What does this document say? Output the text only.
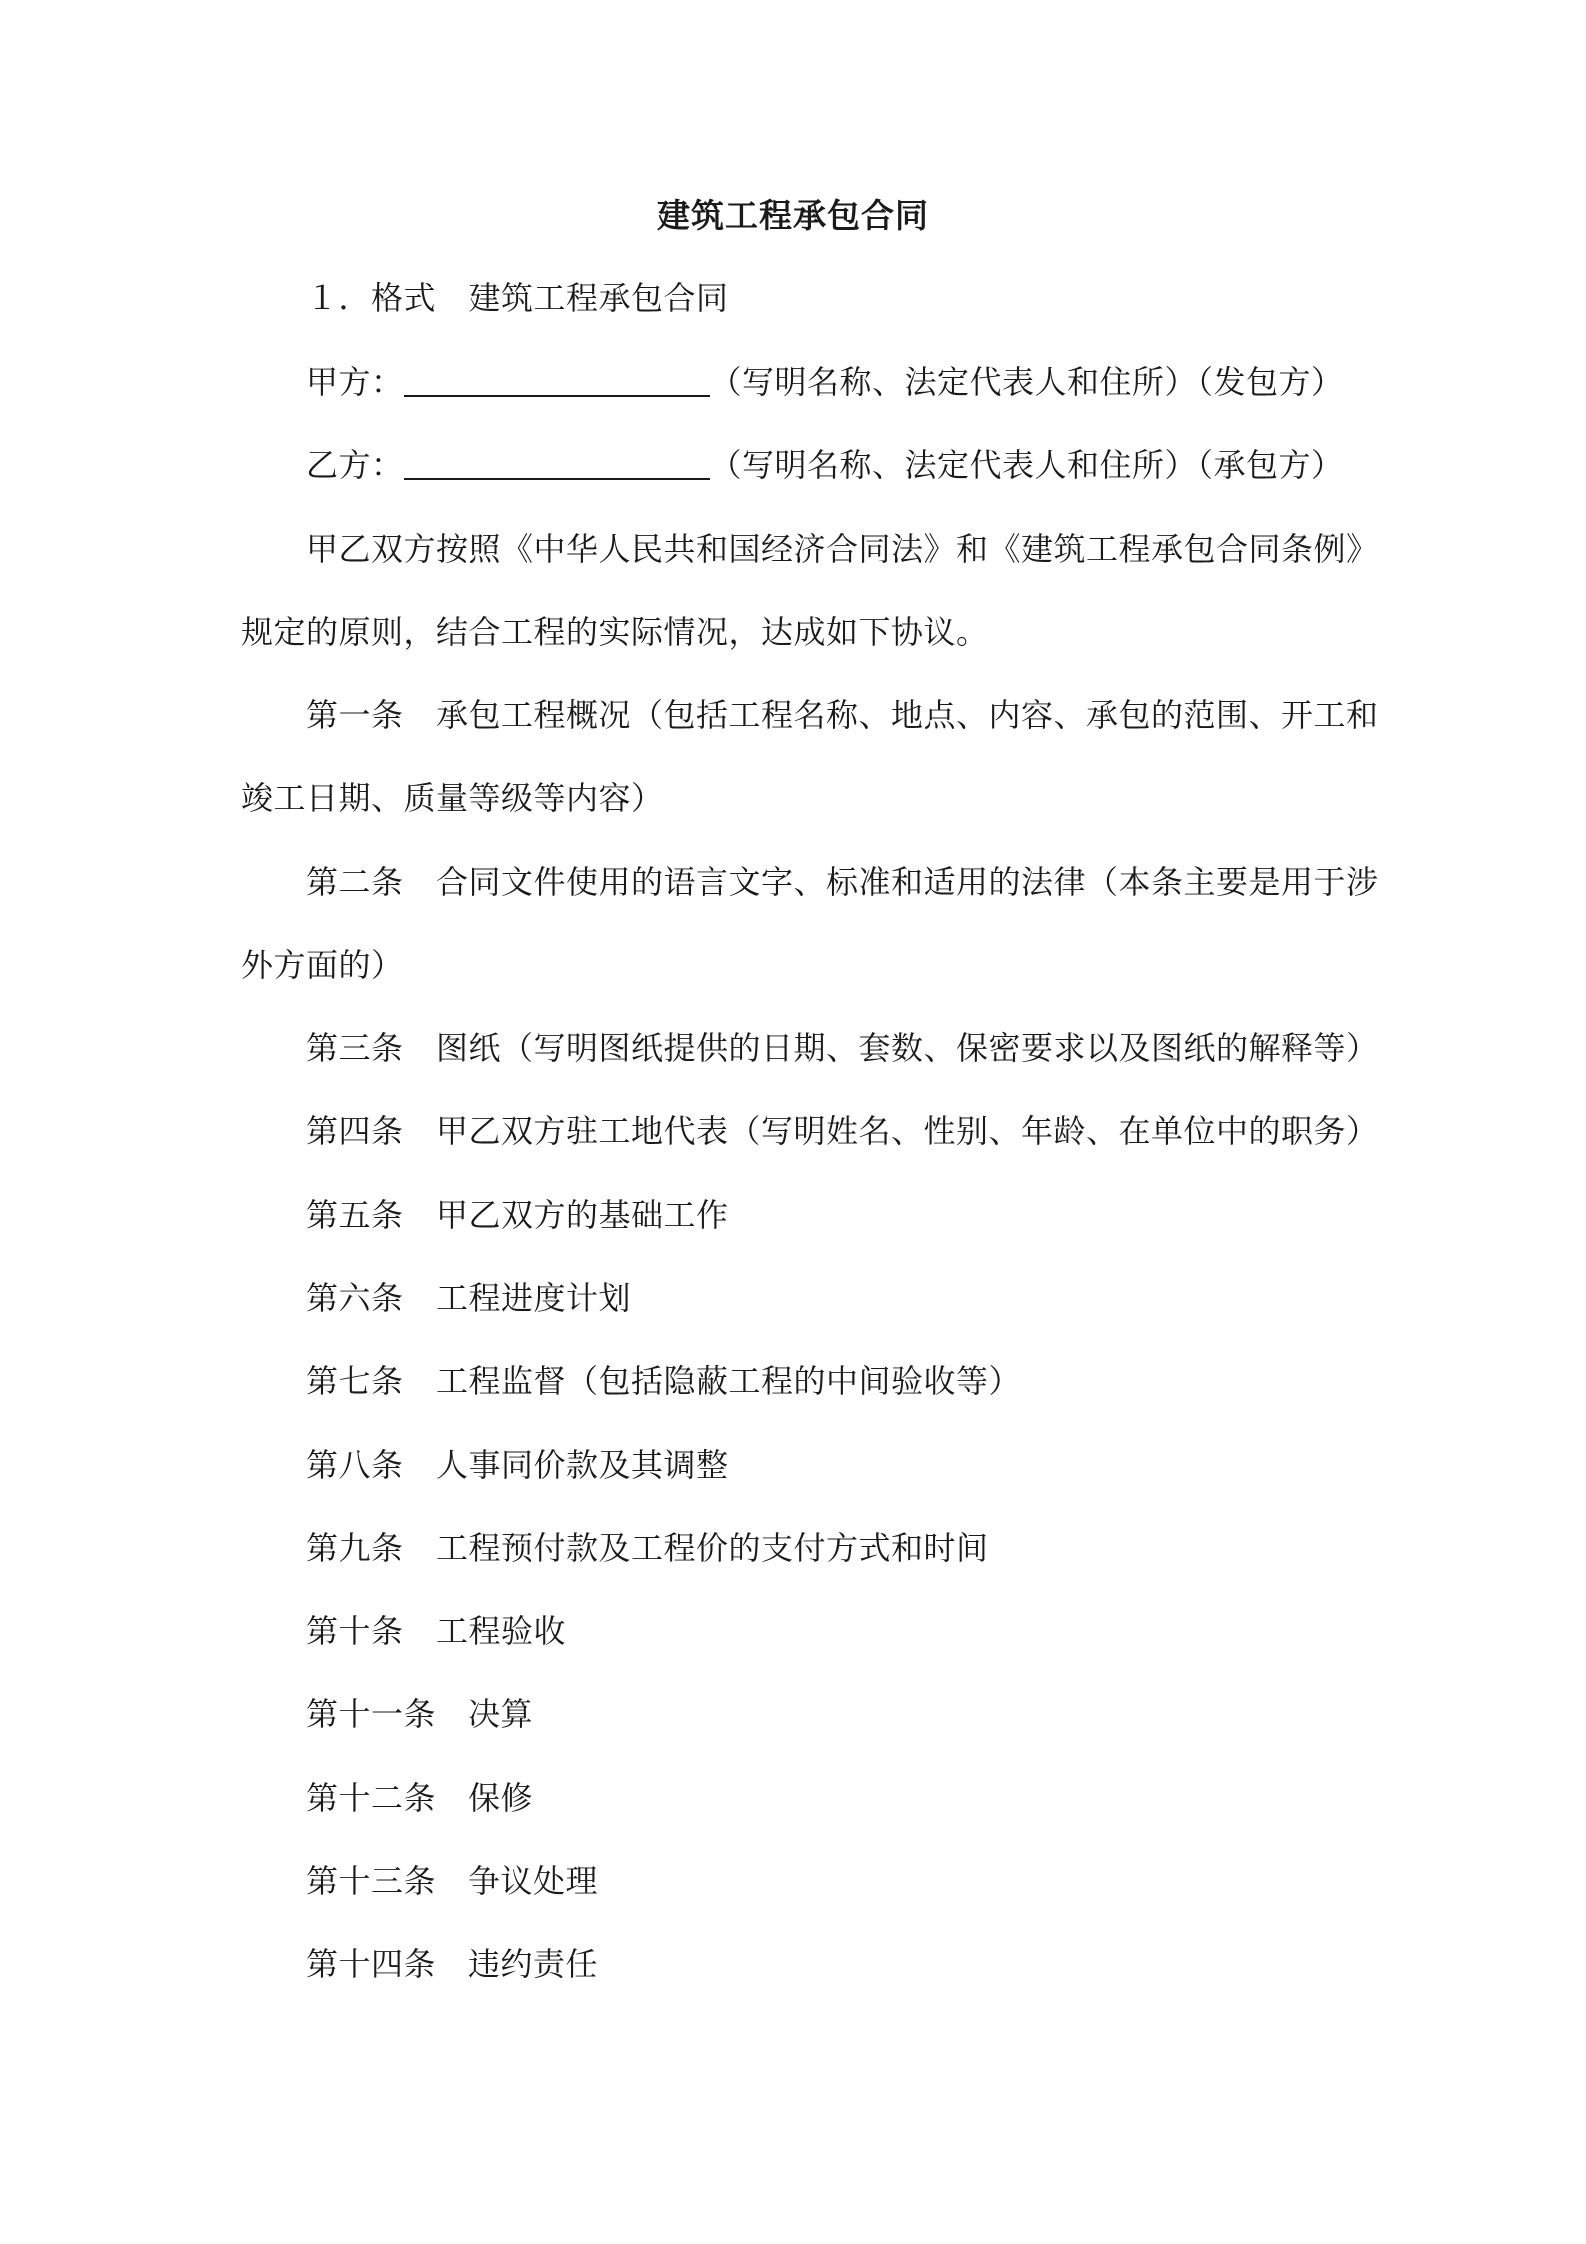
建筑工程承包合同
１．格式　建筑工程承包合同
甲方：	（写明名称、法定代表人和住所）（发包方）
乙方：	（写明名称、法定代表人和住所）（承包方）
甲乙双方按照《中华人民共和国经济合同法》和《建筑工程承包合同条例》
规定的原则，结合工程的实际情况，达成如下协议。
第一条 承包工程概况（包括工程名称、地点、内容、承包的范围、开工和
竣工日期、质量等级等内容）
第二条 合同文件使用的语言文字、标准和适用的法律（本条主要是用于涉
外方面的）
第三条 图纸（写明图纸提供的日期、套数、保密要求以及图纸的解释等）
第四条 甲乙双方驻工地代表（写明姓名、性别、年龄、在单位中的职务）
第五条 甲乙双方的基础工作
第六条 工程进度计划
第七条 工程监督（包括隐蔽工程的中间验收等）
第八条 人事同价款及其调整
第九条 工程预付款及工程价的支付方式和时间
第十条 工程验收
第十一条 决算
第十二条 保修
第十三条 争议处理
第十四条 违约责任
